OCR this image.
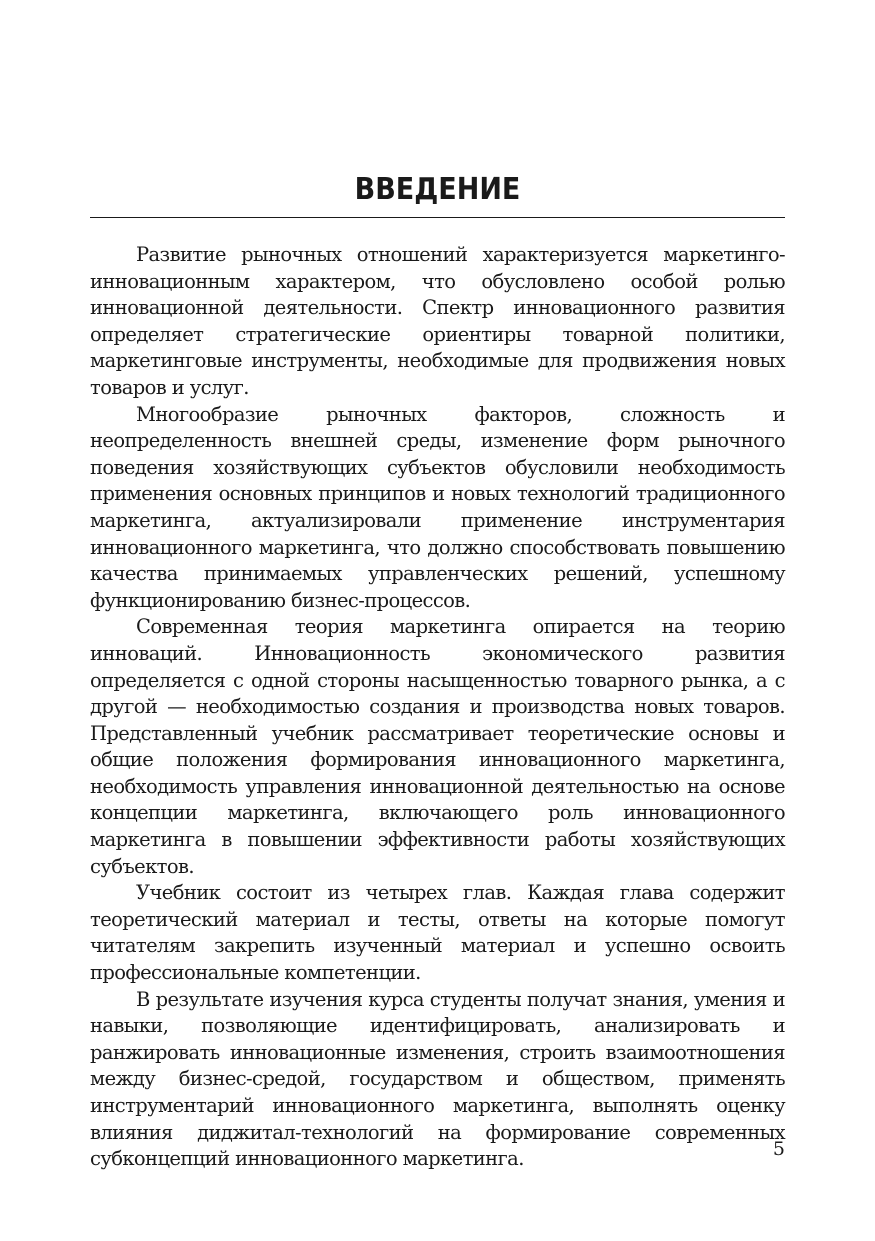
ВВЕДЕНИЕ

Развитие рыночных отношений характеризуется маркетинго-инновационным характером, что обусловлено особой ролью инновационной деятельности. Спектр инновационного развития определяет стратегические ориентиры товарной политики, маркетинговые инструменты, необходимые для продвижения новых товаров и услуг.

Многообразие рыночных факторов, сложность и неопределенность внешней среды, изменение форм рыночного поведения хозяйствующих субъектов обусловили необходимость применения основных принципов и новых технологий традиционного маркетинга, актуализировали применение инструментария инновационного маркетинга, что должно способствовать повышению качества принимаемых управленческих решений, успешному функционированию бизнес-процессов.

Современная теория маркетинга опирается на теорию инноваций. Инновационность экономического развития определяется с одной стороны насыщенностью товарного рынка, а с другой — необходимостью создания и производства новых товаров. Представленный учебник рассматривает теоретические основы и общие положения формирования инновационного маркетинга, необходимость управления инновационной деятельностью на основе концепции маркетинга, включающего роль инновационного маркетинга в повышении эффективности работы хозяйствующих субъектов.

Учебник состоит из четырех глав. Каждая глава содержит теоретический материал и тесты, ответы на которые помогут читателям закрепить изученный материал и успешно освоить профессиональные компетенции.

В результате изучения курса студенты получат знания, умения и навыки, позволяющие идентифицировать, анализировать и ранжировать инновационные изменения, строить взаимоотношения между бизнес-средой, государством и обществом, применять инструментарий инновационного маркетинга, выполнять оценку влияния диджитал-технологий на формирование современных субконцепций инновационного маркетинга.	5
